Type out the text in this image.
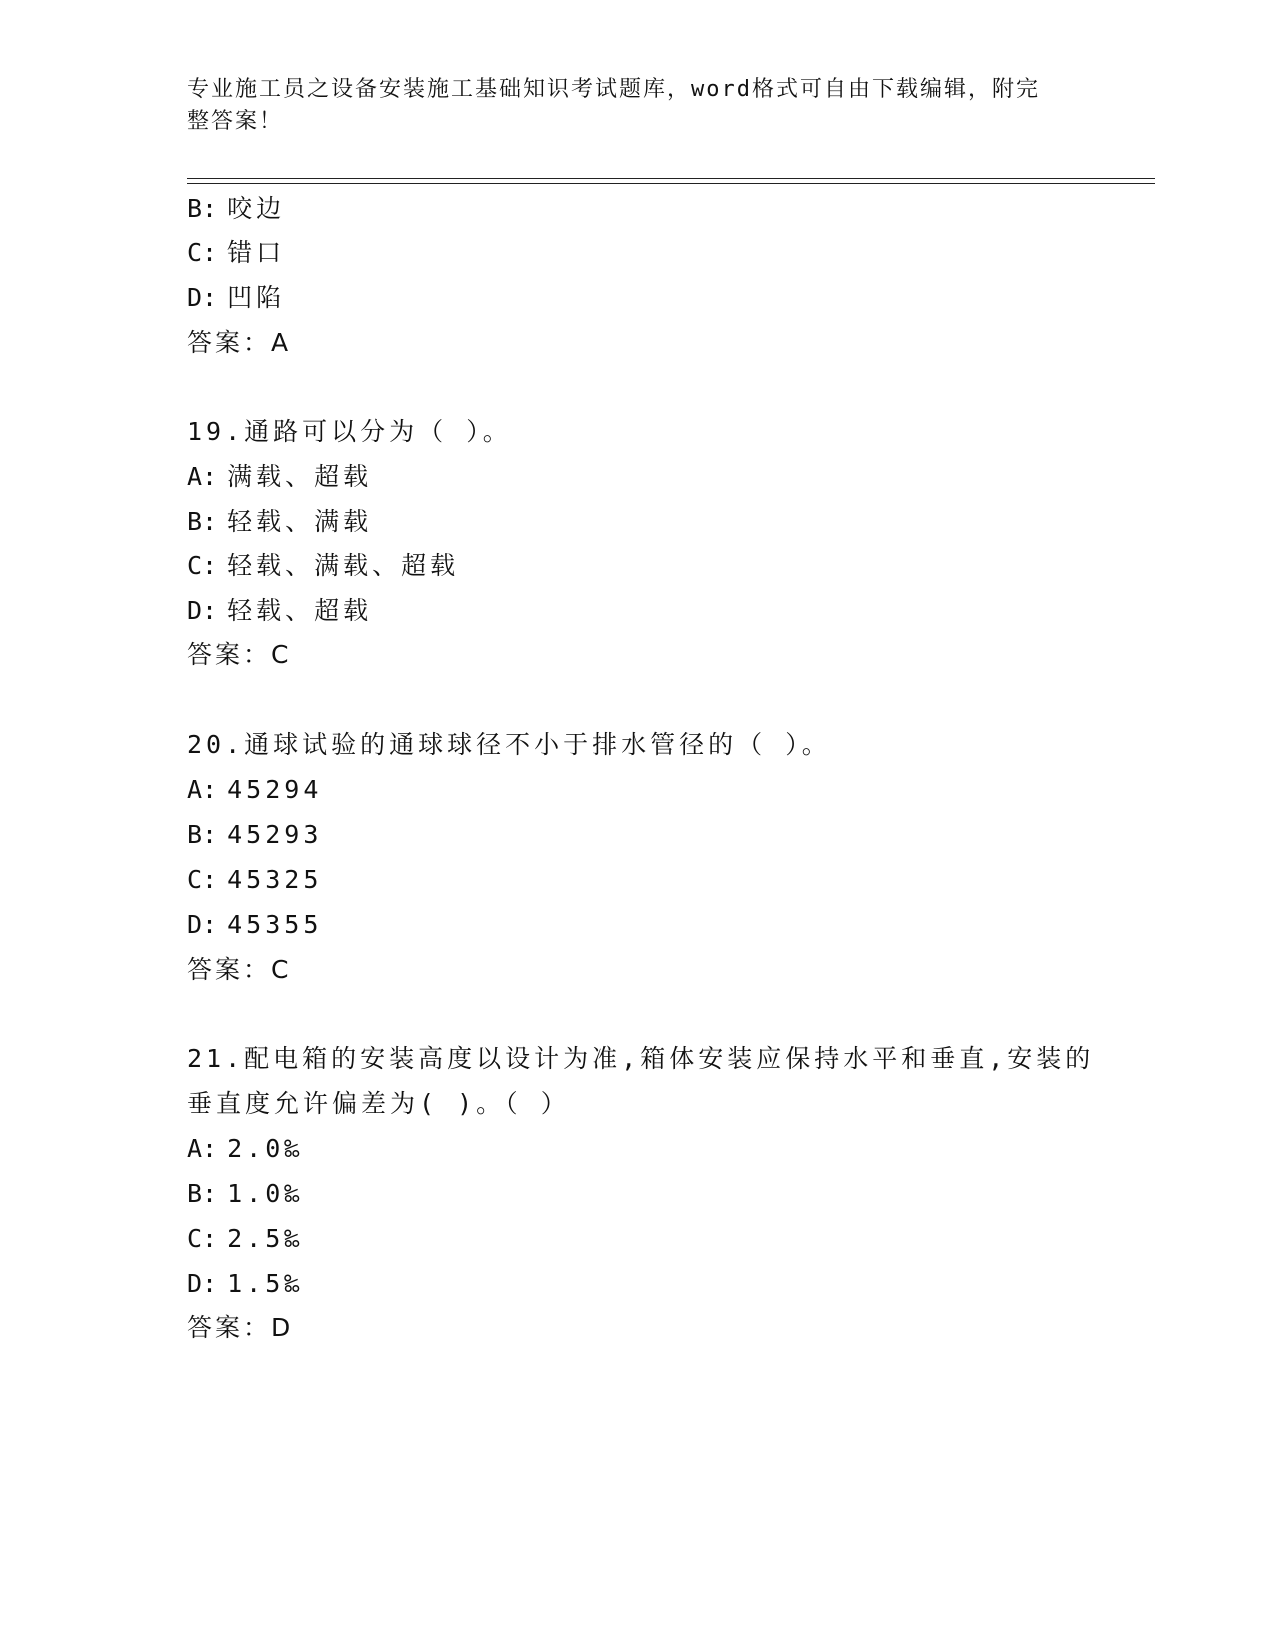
专业施工员之设备安装施工基础知识考试题库，word格式可自由下载编辑，附完
整答案！
B: 咬边
C: 错口
D: 凹陷
答案：A
19.通路可以分为（ ）。
A: 满载、超载
B: 轻载、满载
C: 轻载、满载、超载
D: 轻载、超载
答案：C
20.通球试验的通球球径不小于排水管径的（ ）。
A: 45294
B: 45293
C: 45325
D: 45355
答案：C
21.配电箱的安装高度以设计为准,箱体安装应保持水平和垂直,安装的
垂直度允许偏差为( )。（ ）
A: 2.0‰
B: 1.0‰
C: 2.5‰
D: 1.5‰
答案：D
